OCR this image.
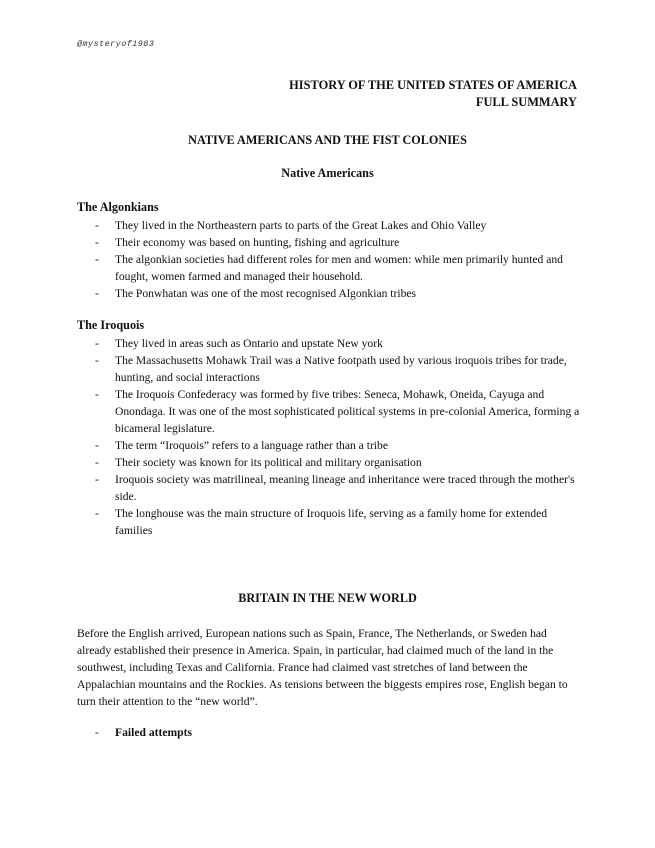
@mysteryof1983
HISTORY OF THE UNITED STATES OF AMERICA
FULL SUMMARY
NATIVE AMERICANS AND THE FIST COLONIES
Native Americans
The Algonkians
- They lived in the Northeastern parts to parts of the Great Lakes and Ohio Valley
- Their economy was based on hunting, fishing and agriculture
- The algonkian societies had different roles for men and women: while men primarily hunted and fought, women farmed and managed their household.
- The Ponwhatan was one of the most recognised Algonkian tribes
The Iroquois
- They lived in areas such as Ontario and upstate New york
- The Massachusetts Mohawk Trail was a Native footpath used by various iroquois tribes for trade, hunting, and social interactions
- The Iroquois Confederacy was formed by five tribes: Seneca, Mohawk, Oneida, Cayuga and Onondaga. It was one of the most sophisticated political systems in pre-colonial America, forming a bicameral legislature.
- The term “Iroquois” refers to a language rather than a tribe
- Their society was known for its political and military organisation
- Iroquois society was matrilineal, meaning lineage and inheritance were traced through the mother's side.
- The longhouse was the main structure of Iroquois life, serving as a family home for extended families
BRITAIN IN THE NEW WORLD
Before the English arrived, European nations such as Spain, France, The Netherlands, or Sweden had already established their presence in America. Spain, in particular, had claimed much of the land in the southwest, including Texas and California. France had claimed vast stretches of land between the Appalachian mountains and the Rockies. As tensions between the biggests empires rose, English began to turn their attention to the “new world”.
- Failed attempts
